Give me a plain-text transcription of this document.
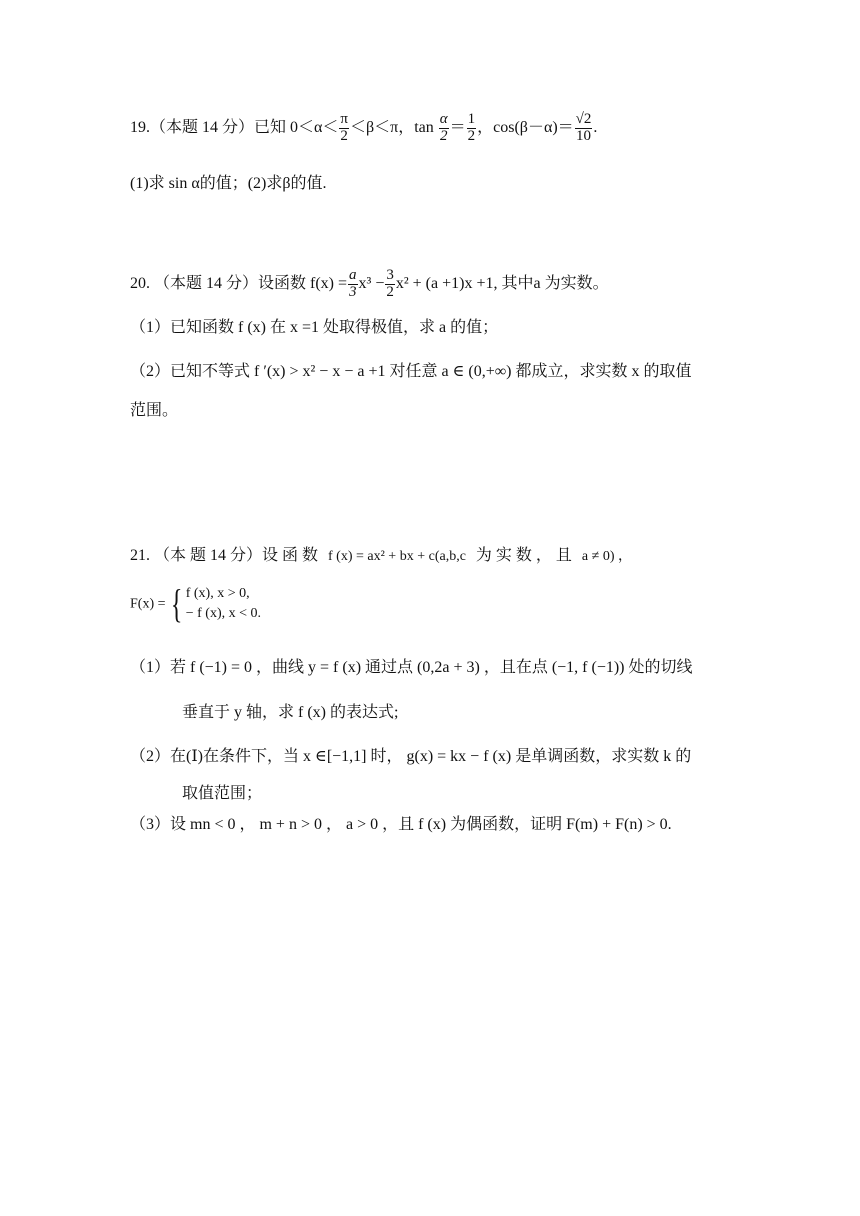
19.（本题 14 分）已知 $0<\alpha< \frac{\pi}{2} <\beta<\pi$，$\tan \frac{\alpha}{2} = \frac{1}{2}$ ，$\cos(\beta-\alpha)= \frac{√2}{10}$ .
(1)求 sin α的值；(2)求β的值.
20. （本题 14 分）设函数 $f(x) = \frac{a}{3} x^3 - \frac{3}{2} x^2 + (a +1)x +1$, 其中a 为实数。
（1）已知函数 f (x) 在 x =1 处取得极值，求 a 的值；
（2）已知不等式 f ′(x) > x² − x − a +1 对任意 a ∈ (0,+∞) 都成立，求实数 x 的取值
范围。
21. （本 题 14 分）设 函 数 f (x) = ax² + bx + c(a,b,c 为 实 数 ， 且 a ≠ 0) ，
F(x) = { f (x), x > 0,
− f (x), x < 0.
（1）若 f (−1) = 0 ，曲线 y = f (x) 通过点 (0,2a + 3) ，且在点 (−1, f (−1)) 处的切线
垂直于 y 轴，求 f (x) 的表达式;
（2）在(Ⅰ)在条件下，当 x ∈[−1,1] 时， g(x) = kx − f (x) 是单调函数，求实数 k 的
取值范围；
（3）设 mn < 0 ， m + n > 0 ， a > 0 ，且 f (x) 为偶函数，证明 F(m) + F(n) > 0.
